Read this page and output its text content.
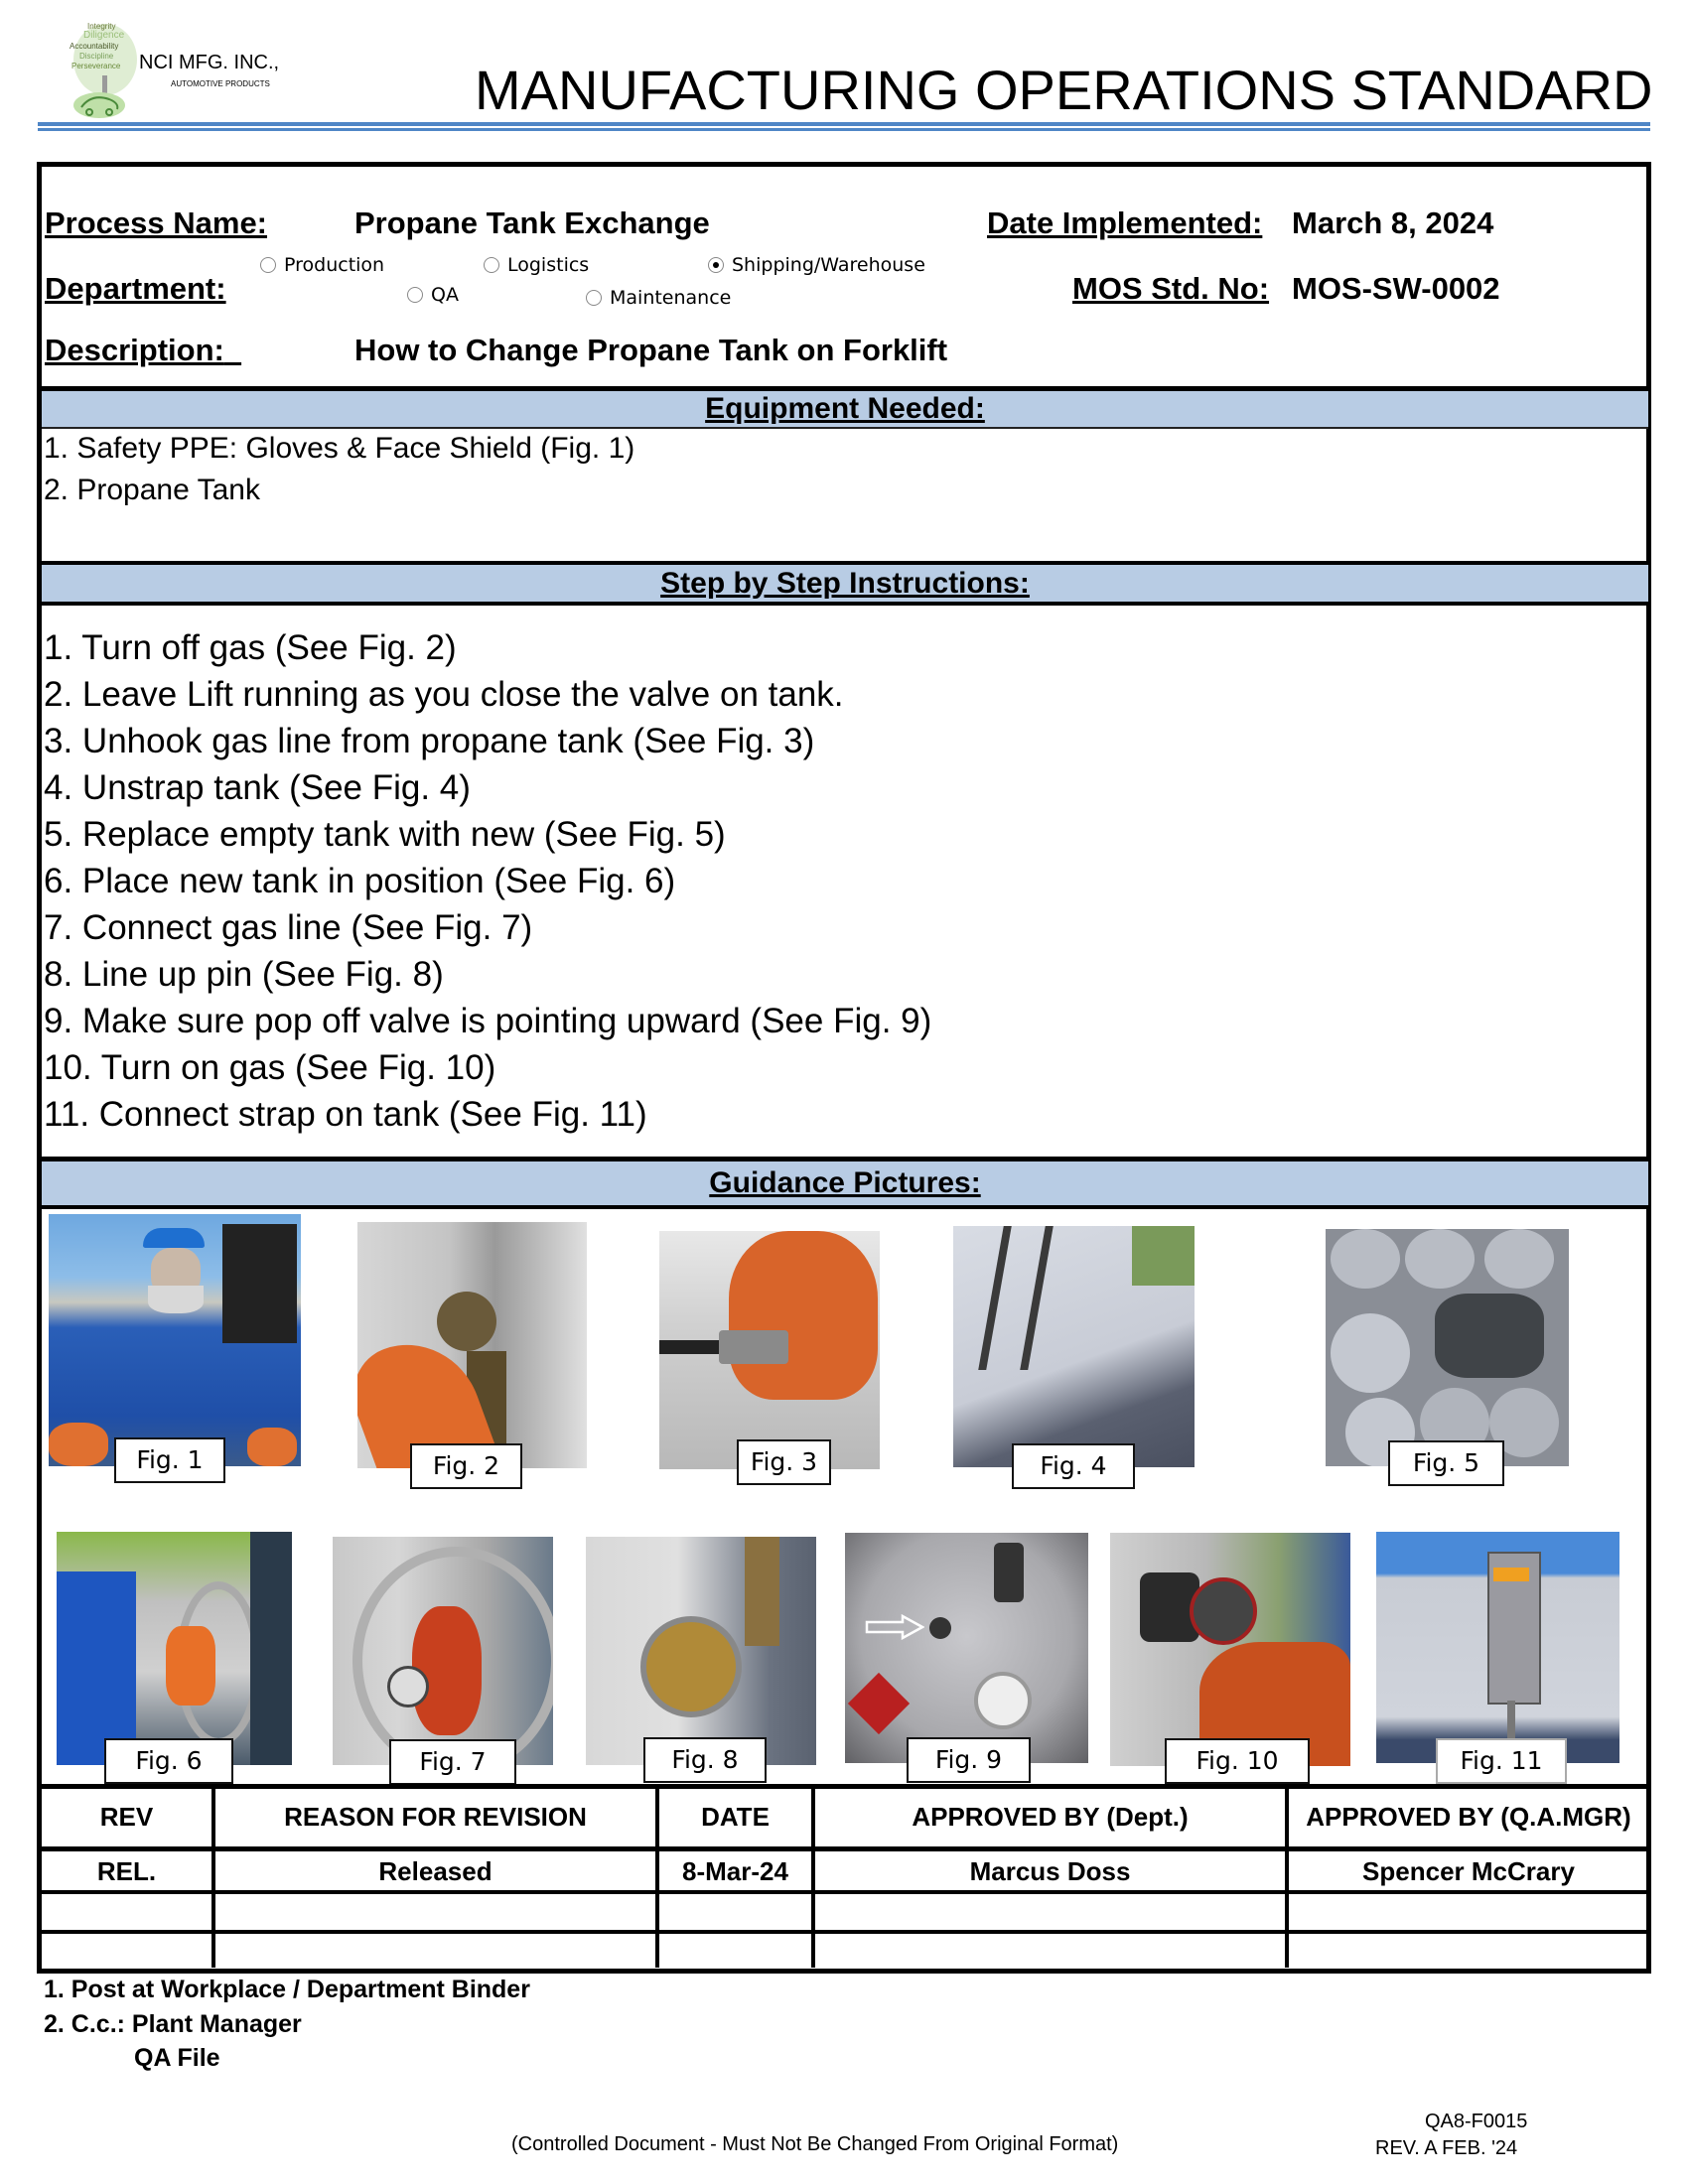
Integrity
Diligence
Accountability
Discipline
Perseverance NCI MFG. INC.,
AUTOMOTIVE PRODUCTS	MANUFACTURING OPERATIONS STANDARD
Process Name:	Propane Tank Exchange	Date Implemented: March 8, 2024
Department:
Production	Logistics	Shipping/Warehouse
QA	Maintenance	MOS Std. No: MOS-SW-0002
Description:	How to Change Propane Tank on Forklift
Equipment Needed:
1. Safety PPE: Gloves & Face Shield (Fig. 1)
2. Propane Tank
Step by Step Instructions:
1. Turn off gas (See Fig. 2)
2. Leave Lift running as you close the valve on tank.
3. Unhook gas line from propane tank (See Fig. 3)
4. Unstrap tank (See Fig. 4)
5. Replace empty tank with new (See Fig. 5)
6. Place new tank in position (See Fig. 6)
7. Connect gas line (See Fig. 7)
8. Line up pin (See Fig. 8)
9. Make sure pop off valve is pointing upward (See Fig. 9)
10. Turn on gas (See Fig. 10)
11. Connect strap on tank (See Fig. 11)
Guidance Pictures:
Fig. 1	Fig. 2	Fig. 3	Fig. 4	Fig. 5
Fig. 6	Fig. 7	Fig. 8	Fig. 9	Fig. 10	Fig. 11
REV	REASON FOR REVISION	DATE	APPROVED BY (Dept.)	APPROVED BY (Q.A.MGR)
REL.	Released	8-Mar-24	Marcus Doss	Spencer McCrary
1. Post at Workplace / Department Binder
2. C.c.: Plant Manager
QA File
(Controlled Document - Must Not Be Changed From Original Format)
QA8-F0015
REV. A FEB. '24
